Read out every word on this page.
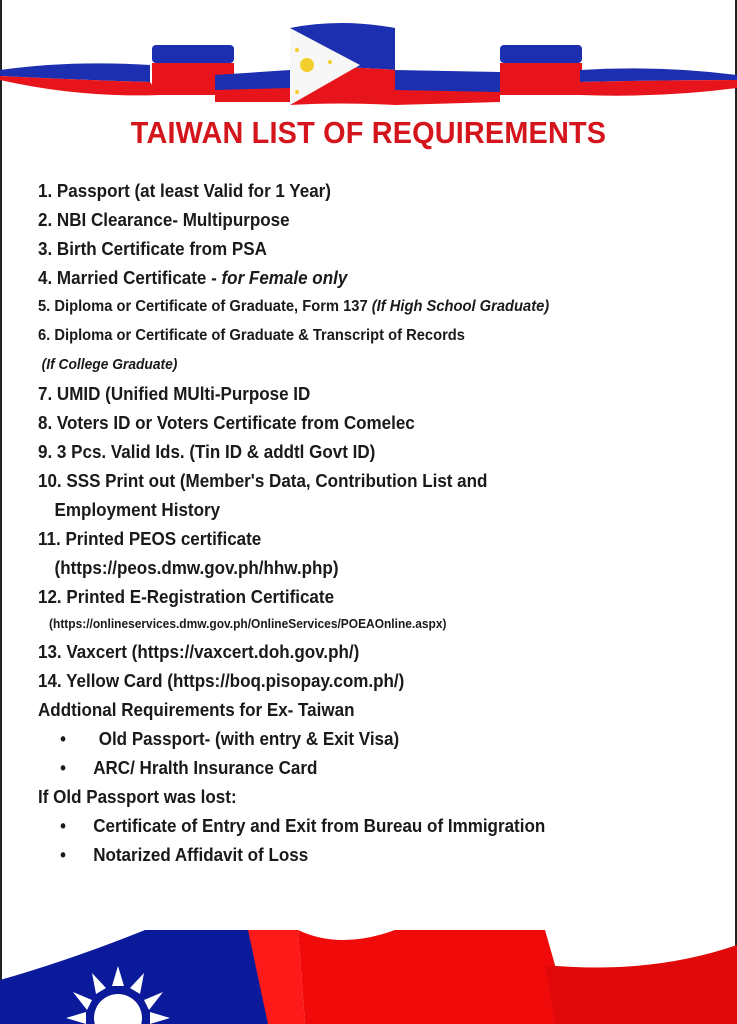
TAIWAN LIST OF REQUIREMENTS
1. Passport (at least Valid for 1 Year)
2. NBI Clearance- Multipurpose
3. Birth Certificate from PSA
4. Married Certificate - for Female only
5. Diploma or Certificate of Graduate, Form 137 (If High School Graduate)
6. Diploma or Certificate of Graduate & Transcript of Records
(If College Graduate)
7. UMID (Unified MUlti-Purpose ID
8. Voters ID or Voters Certificate from Comelec
9. 3 Pcs. Valid Ids. (Tin ID & addtl Govt ID)
10. SSS Print out (Member's Data, Contribution List and
Employment History
11. Printed PEOS certificate
(https://peos.dmw.gov.ph/hhw.php)
12. Printed E-Registration Certificate
(https://onlineservices.dmw.gov.ph/OnlineServices/POEAOnline.aspx)
13. Vaxcert (https://vaxcert.doh.gov.ph/)
14. Yellow Card (https://boq.pisopay.com.ph/)
Addtional Requirements for Ex- Taiwan
• Old Passport- (with entry & Exit Visa)
• ARC/ Hralth Insurance Card
If Old Passport was lost:
• Certificate of Entry and Exit from Bureau of Immigration
• Notarized Affidavit of Loss
